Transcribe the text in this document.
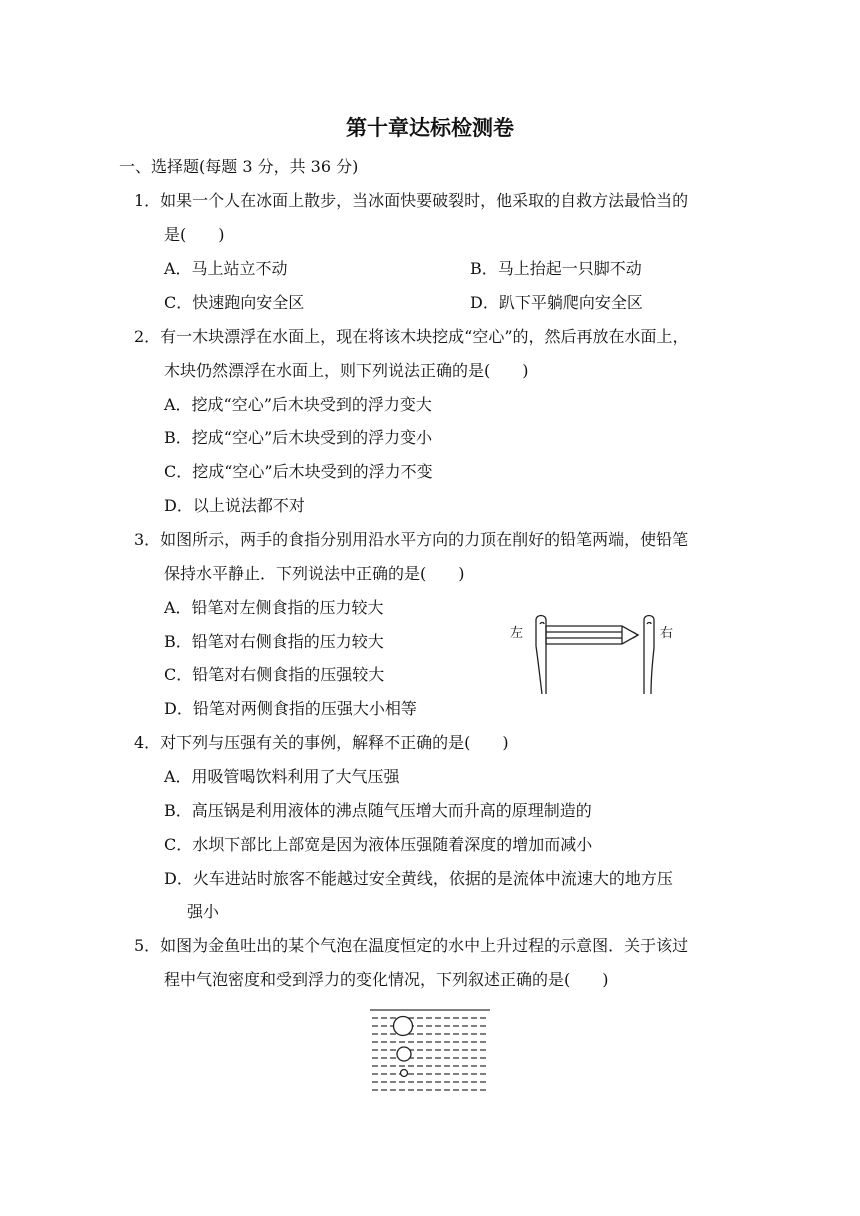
第十章达标检测卷
一、选择题(每题 3 分，共 36 分)
1．如果一个人在冰面上散步，当冰面快要破裂时，他采取的自救方法最恰当的
是(　　)
A．马上站立不动	B．马上抬起一只脚不动
C．快速跑向安全区	D．趴下平躺爬向安全区
2．有一木块漂浮在水面上，现在将该木块挖成“空心”的，然后再放在水面上，
木块仍然漂浮在水面上，则下列说法正确的是(　　)
A．挖成“空心”后木块受到的浮力变大
B．挖成“空心”后木块受到的浮力变小
C．挖成“空心”后木块受到的浮力不变
D．以上说法都不对
3．如图所示，两手的食指分别用沿水平方向的力顶在削好的铅笔两端，使铅笔
保持水平静止．下列说法中正确的是(　　)
A．铅笔对左侧食指的压力较大
B．铅笔对右侧食指的压力较大
C．铅笔对右侧食指的压强较大
D．铅笔对两侧食指的压强大小相等
左	右
4．对下列与压强有关的事例，解释不正确的是(　　)
A．用吸管喝饮料利用了大气压强
B．高压锅是利用液体的沸点随气压增大而升高的原理制造的
C．水坝下部比上部宽是因为液体压强随着深度的增加而减小
D．火车进站时旅客不能越过安全黄线，依据的是流体中流速大的地方压
强小
5．如图为金鱼吐出的某个气泡在温度恒定的水中上升过程的示意图．关于该过
程中气泡密度和受到浮力的变化情况，下列叙述正确的是(　　)
